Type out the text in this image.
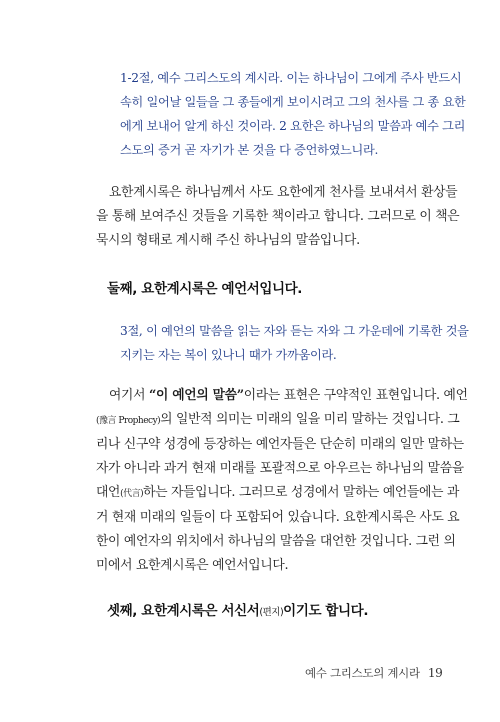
1-2절, 예수 그리스도의 계시라. 이는 하나님이 그에게 주사 반드시
속히 일어날 일들을 그 종들에게 보이시려고 그의 천사를 그 종 요한
에게 보내어 알게 하신 것이라. 2 요한은 하나님의 말씀과 예수 그리
스도의 증거 곧 자기가 본 것을 다 증언하였느니라.
요한계시록은 하나님께서 사도 요한에게 천사를 보내셔서 환상들
을 통해 보여주신 것들을 기록한 책이라고 합니다. 그러므로 이 책은
묵시의 형태로 계시해 주신 하나님의 말씀입니다.
둘째, 요한계시록은 예언서입니다.
3절, 이 예언의 말씀을 읽는 자와 듣는 자와 그 가운데에 기록한 것을
지키는 자는 복이 있나니 때가 가까움이라.
여기서 “이 예언의 말씀”이라는 표현은 구약적인 표현입니다. 예언
(豫言 Prophecy)의 일반적 의미는 미래의 일을 미리 말하는 것입니다. 그
리나 신구약 성경에 등장하는 예언자들은 단순히 미래의 일만 말하는
자가 아니라 과거 현재 미래를 포괄적으로 아우르는 하나님의 말씀을
대언(代言)하는 자들입니다. 그러므로 성경에서 말하는 예언들에는 과
거 현재 미래의 일들이 다 포함되어 있습니다. 요한계시록은 사도 요
한이 예언자의 위치에서 하나님의 말씀을 대언한 것입니다. 그런 의
미에서 요한계시록은 예언서입니다.
셋째, 요한계시록은 서신서(편지)이기도 합니다.
예수 그리스도의 계시라 19
